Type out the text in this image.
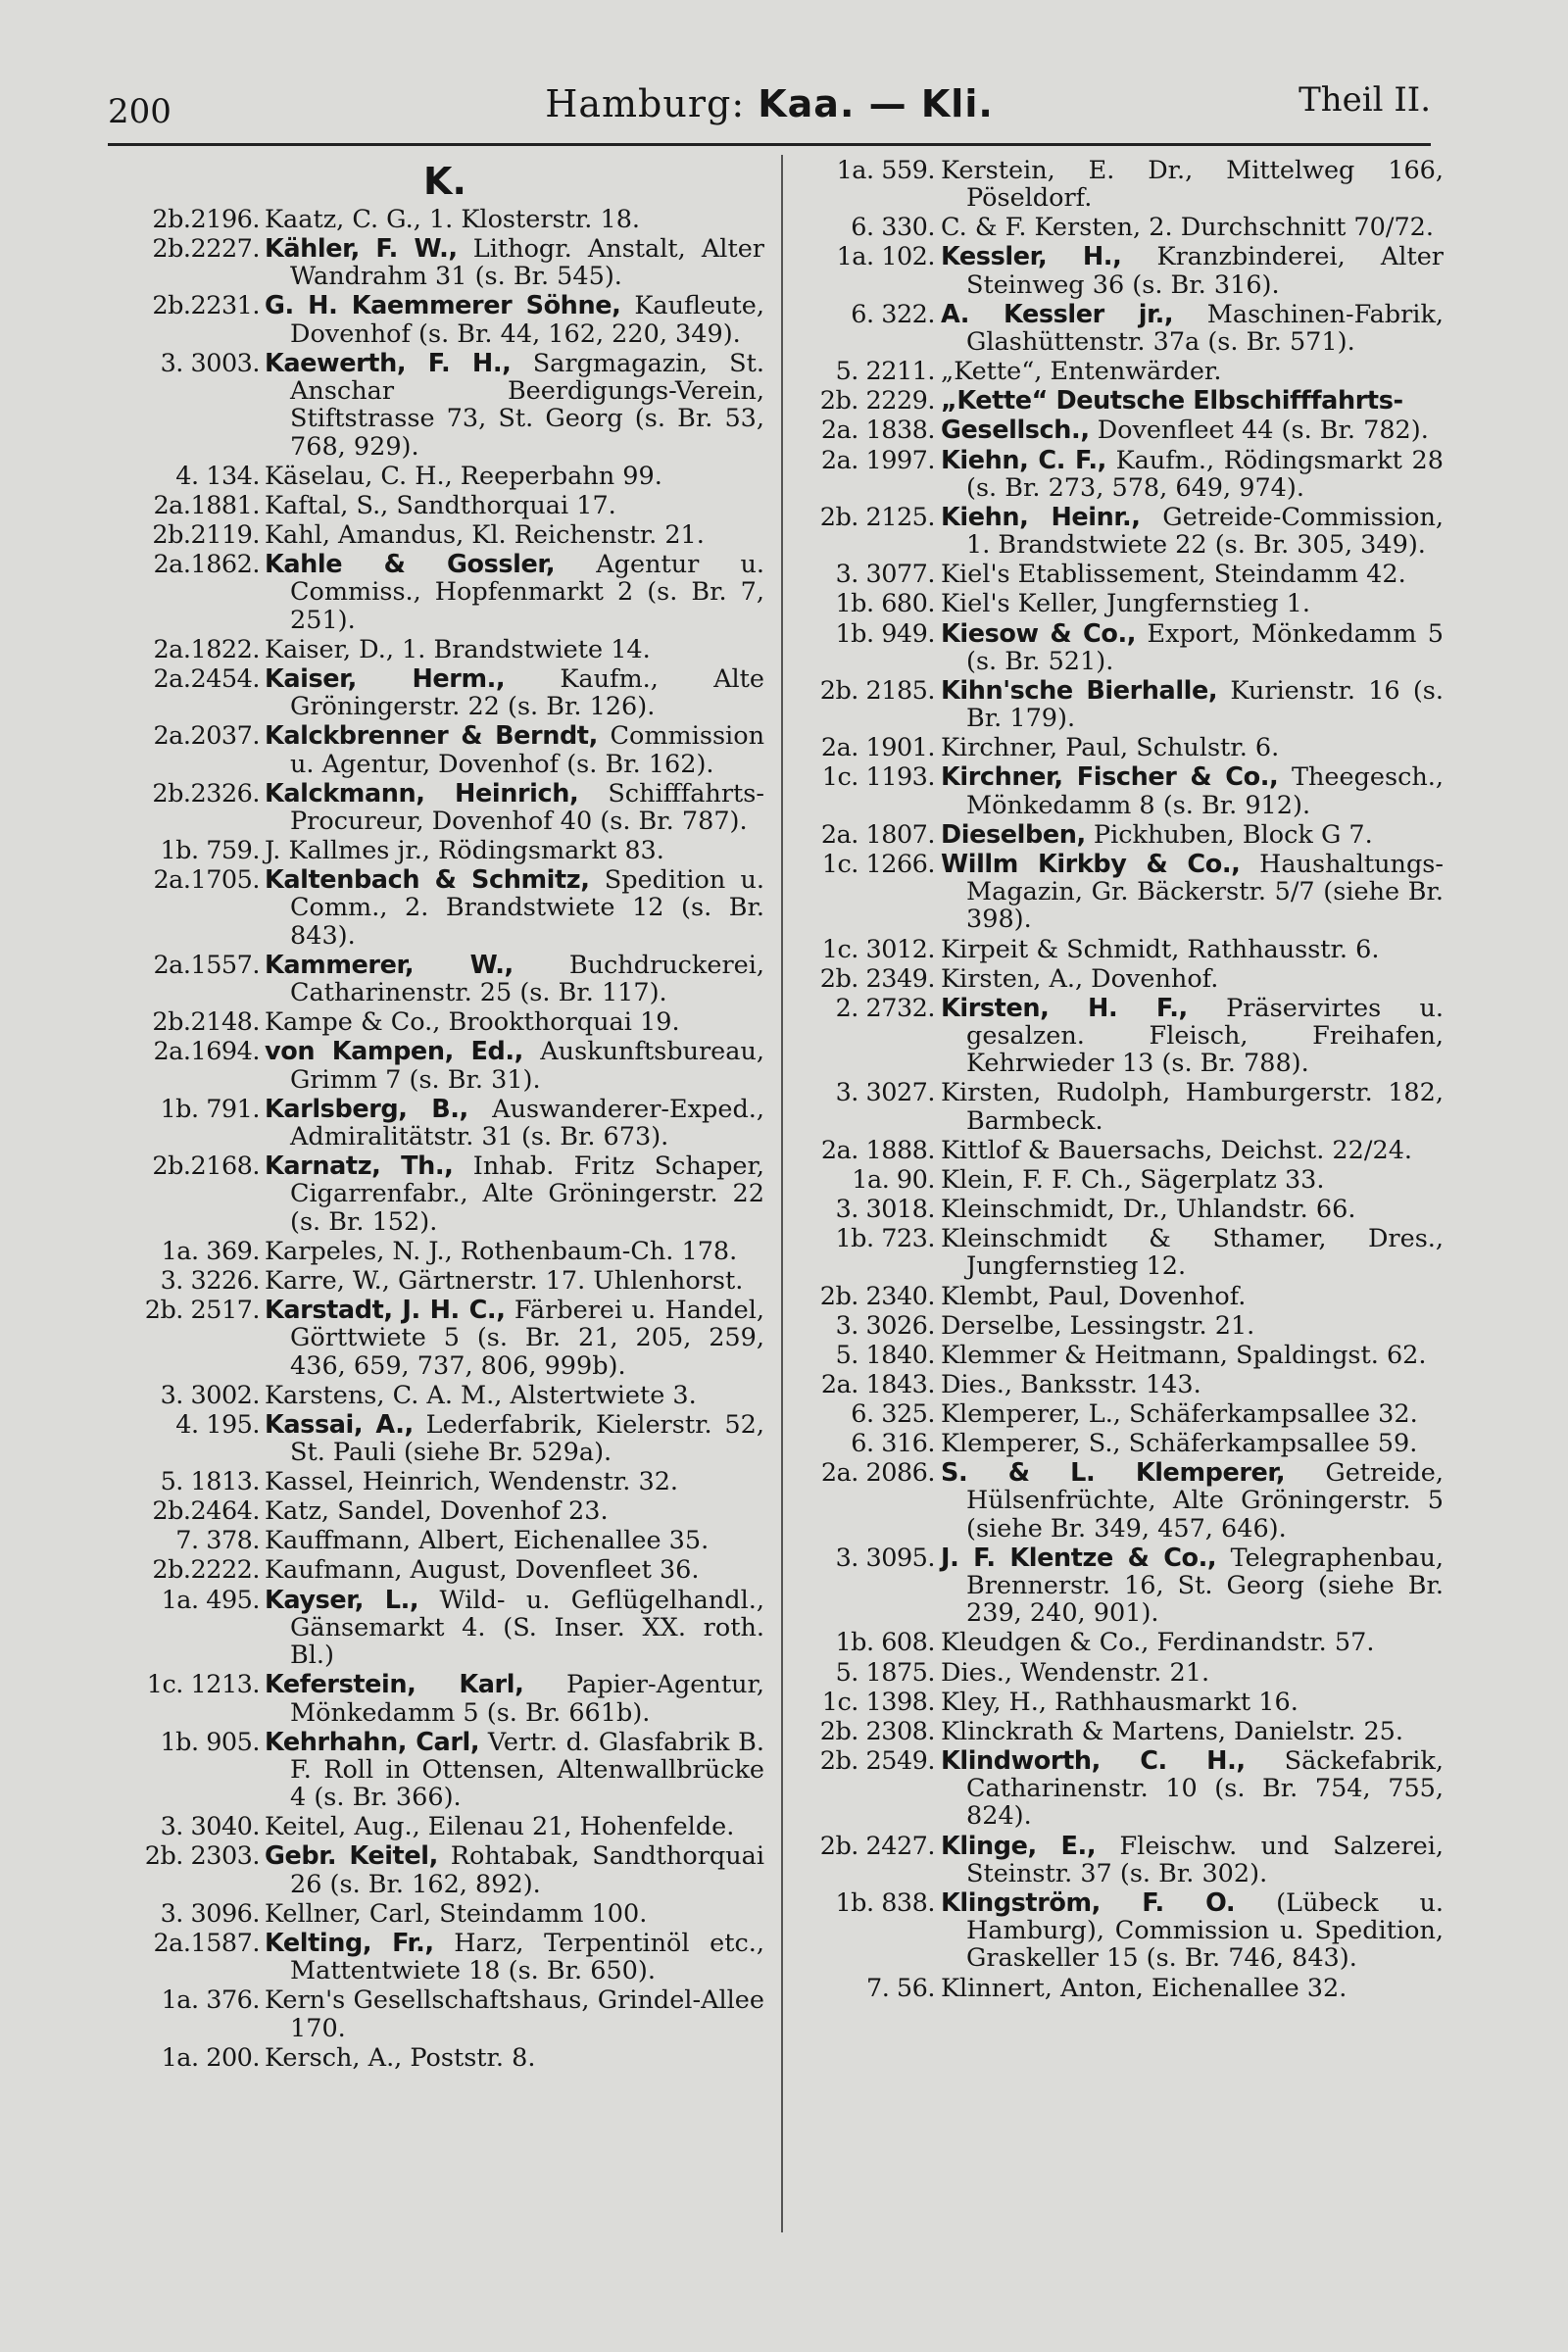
200	Hamburg: Kaa. — Kli.	Theil II.
K.
2b.2196. Kaatz, C. G., 1. Klosterstr. 18.
2b.2227. Kähler, F. W., Lithogr. Anstalt, Alter Wandrahm 31 (s. Br. 545).
2b.2231. G. H. Kaemmerer Söhne, Kaufleute, Dovenhof (s. Br. 44, 162, 220, 349).
3. 3003. Kaewerth, F. H., Sargmagazin, St. Anschar Beerdigungs-Verein, Stiftstrasse 73, St. Georg (s. Br. 53, 768, 929).
4. 134. Käselau, C. H., Reeperbahn 99.
2a.1881. Kaftal, S., Sandthorquai 17.
2b.2119. Kahl, Amandus, Kl. Reichenstr. 21.
2a.1862. Kahle & Gossler, Agentur u. Commiss., Hopfenmarkt 2 (s. Br. 7, 251).
2a.1822. Kaiser, D., 1. Brandstwiete 14.
2a.2454. Kaiser, Herm., Kaufm., Alte Gröningerstr. 22 (s. Br. 126).
2a.2037. Kalckbrenner & Berndt, Commission u. Agentur, Dovenhof (s. Br. 162).
2b.2326. Kalckmann, Heinrich, Schifffahrts-Procureur, Dovenhof 40 (s. Br. 787).
1b. 759. J. Kallmes jr., Rödingsmarkt 83.
2a.1705. Kaltenbach & Schmitz, Spedition u. Comm., 2. Brandstwiete 12 (s. Br. 843).
2a.1557. Kammerer, W., Buchdruckerei, Catharinenstr. 25 (s. Br. 117).
2b.2148. Kampe & Co., Brookthorquai 19.
2a.1694. von Kampen, Ed., Auskunftsbureau, Grimm 7 (s. Br. 31).
1b. 791. Karlsberg, B., Auswanderer-Exped., Admiralitätstr. 31 (s. Br. 673).
2b.2168. Karnatz, Th., Inhab. Fritz Schaper, Cigarrenfabr., Alte Gröningerstr. 22 (s. Br. 152).
1a. 369. Karpeles, N. J., Rothenbaum-Ch. 178.
3. 3226. Karre, W., Gärtnerstr. 17. Uhlenhorst.
2b. 2517. Karstadt, J. H. C., Färberei u. Handel, Görttwiete 5 (s. Br. 21, 205, 259, 436, 659, 737, 806, 999b).
3. 3002. Karstens, C. A. M., Alstertwiete 3.
4. 195. Kassai, A., Lederfabrik, Kielerstr. 52, St. Pauli (siehe Br. 529a).
5. 1813. Kassel, Heinrich, Wendenstr. 32.
2b.2464. Katz, Sandel, Dovenhof 23.
7. 378. Kauffmann, Albert, Eichenallee 35.
2b.2222. Kaufmann, August, Dovenfleet 36.
1a. 495. Kayser, L., Wild- u. Geflügelhandl., Gänsemarkt 4. (S. Inser. XX. roth. Bl.)
1c. 1213. Keferstein, Karl, Papier-Agentur, Mönkedamm 5 (s. Br. 661b).
1b. 905. Kehrhahn, Carl, Vertr. d. Glasfabrik B. F. Roll in Ottensen, Altenwallbrücke 4 (s. Br. 366).
3. 3040. Keitel, Aug., Eilenau 21, Hohenfelde.
2b. 2303. Gebr. Keitel, Rohtabak, Sandthorquai 26 (s. Br. 162, 892).
3. 3096. Kellner, Carl, Steindamm 100.
2a.1587. Kelting, Fr., Harz, Terpentinöl etc., Mattentwiete 18 (s. Br. 650).
1a. 376. Kern's Gesellschaftshaus, Grindel-Allee 170.
1a. 200. Kersch, A., Poststr. 8.
1a. 559. Kerstein, E. Dr., Mittelweg 166, Pöseldorf.
6. 330. C. & F. Kersten, 2. Durchschnitt 70/72.
1a. 102. Kessler, H., Kranzbinderei, Alter Steinweg 36 (s. Br. 316).
6. 322. A. Kessler jr., Maschinen-Fabrik, Glashüttenstr. 37a (s. Br. 571).
5. 2211. „Kette“, Entenwärder.
2b. 2229. „Kette“ Deutsche Elbschifffahrts-
2a. 1838. Gesellsch., Dovenfleet 44 (s. Br. 782).
2a. 1997. Kiehn, C. F., Kaufm., Rödingsmarkt 28 (s. Br. 273, 578, 649, 974).
2b. 2125. Kiehn, Heinr., Getreide-Commission, 1. Brandstwiete 22 (s. Br. 305, 349).
3. 3077. Kiel's Etablissement, Steindamm 42.
1b. 680. Kiel's Keller, Jungfernstieg 1.
1b. 949. Kiesow & Co., Export, Mönkedamm 5 (s. Br. 521).
2b. 2185. Kihn'sche Bierhalle, Kurienstr. 16 (s. Br. 179).
2a. 1901. Kirchner, Paul, Schulstr. 6.
1c. 1193. Kirchner, Fischer & Co., Theegesch., Mönkedamm 8 (s. Br. 912).
2a. 1807. Dieselben, Pickhuben, Block G 7.
1c. 1266. Willm Kirkby & Co., Haushaltungs-Magazin, Gr. Bäckerstr. 5/7 (siehe Br. 398).
1c. 3012. Kirpeit & Schmidt, Rathhausstr. 6.
2b. 2349. Kirsten, A., Dovenhof.
2. 2732. Kirsten, H. F., Präservirtes u. gesalzen. Fleisch, Freihafen, Kehrwieder 13 (s. Br. 788).
3. 3027. Kirsten, Rudolph, Hamburgerstr. 182, Barmbeck.
2a. 1888. Kittlof & Bauersachs, Deichst. 22/24.
1a. 90. Klein, F. F. Ch., Sägerplatz 33.
3. 3018. Kleinschmidt, Dr., Uhlandstr. 66.
1b. 723. Kleinschmidt & Sthamer, Dres., Jungfernstieg 12.
2b. 2340. Klembt, Paul, Dovenhof.
3. 3026. Derselbe, Lessingstr. 21.
5. 1840. Klemmer & Heitmann, Spaldingst. 62.
2a. 1843. Dies., Banksstr. 143.
6. 325. Klemperer, L., Schäferkampsallee 32.
6. 316. Klemperer, S., Schäferkampsallee 59.
2a. 2086. S. & L. Klemperer, Getreide, Hülsenfrüchte, Alte Gröningerstr. 5 (siehe Br. 349, 457, 646).
3. 3095. J. F. Klentze & Co., Telegraphenbau, Brennerstr. 16, St. Georg (siehe Br. 239, 240, 901).
1b. 608. Kleudgen & Co., Ferdinandstr. 57.
5. 1875. Dies., Wendenstr. 21.
1c. 1398. Kley, H., Rathhausmarkt 16.
2b. 2308. Klinckrath & Martens, Danielstr. 25.
2b. 2549. Klindworth, C. H., Säckefabrik, Catharinenstr. 10 (s. Br. 754, 755, 824).
2b. 2427. Klinge, E., Fleischw. und Salzerei, Steinstr. 37 (s. Br. 302).
1b. 838. Klingström, F. O. (Lübeck u. Hamburg), Commission u. Spedition, Graskeller 15 (s. Br. 746, 843).
7. 56. Klinnert, Anton, Eichenallee 32.
